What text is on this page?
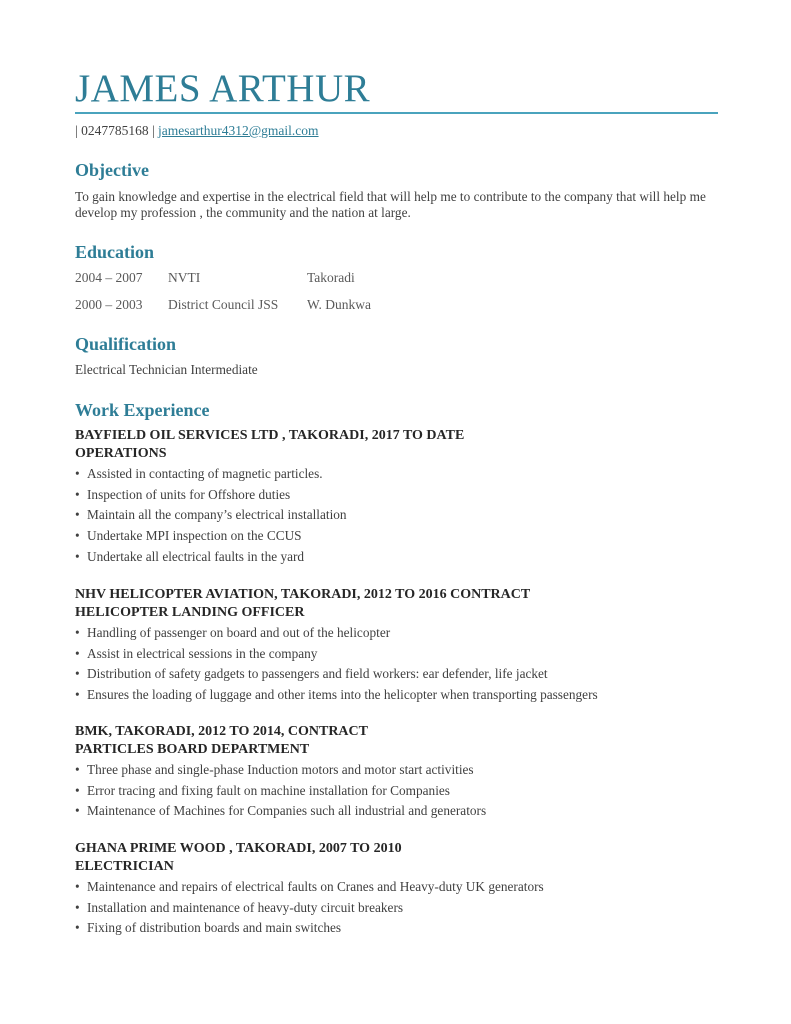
JAMES ARTHUR
| 0247785168 | jamesarthur4312@gmail.com
Objective
To gain knowledge and expertise in the electrical field that will help me to contribute to the company that will help me develop my profession , the community and the nation at large.
Education
2004 – 2007 NVTI	Takoradi
2000 – 2003 District Council JSS W. Dunkwa
Qualification
Electrical Technician Intermediate
Work Experience
BAYFIELD OIL SERVICES LTD , TAKORADI, 2017 TO DATE
OPERATIONS
• Assisted in contacting of magnetic particles.
• Inspection of units for Offshore duties
• Maintain all the company’s electrical installation
• Undertake MPI inspection on the CCUS
• Undertake all electrical faults in the yard
NHV HELICOPTER AVIATION, TAKORADI, 2012 TO 2016 CONTRACT
HELICOPTER LANDING OFFICER
• Handling of passenger on board and out of the helicopter
• Assist in electrical sessions in the company
• Distribution of safety gadgets to passengers and field workers: ear defender, life jacket
• Ensures the loading of luggage and other items into the helicopter when transporting passengers
BMK, TAKORADI, 2012 TO 2014, CONTRACT
PARTICLES BOARD DEPARTMENT
• Three phase and single-phase Induction motors and motor start activities
• Error tracing and fixing fault on machine installation for Companies
• Maintenance of Machines for Companies such all industrial and generators
GHANA PRIME WOOD , TAKORADI, 2007 TO 2010
ELECTRICIAN
• Maintenance and repairs of electrical faults on Cranes and Heavy-duty UK generators
• Installation and maintenance of heavy-duty circuit breakers
• Fixing of distribution boards and main switches
